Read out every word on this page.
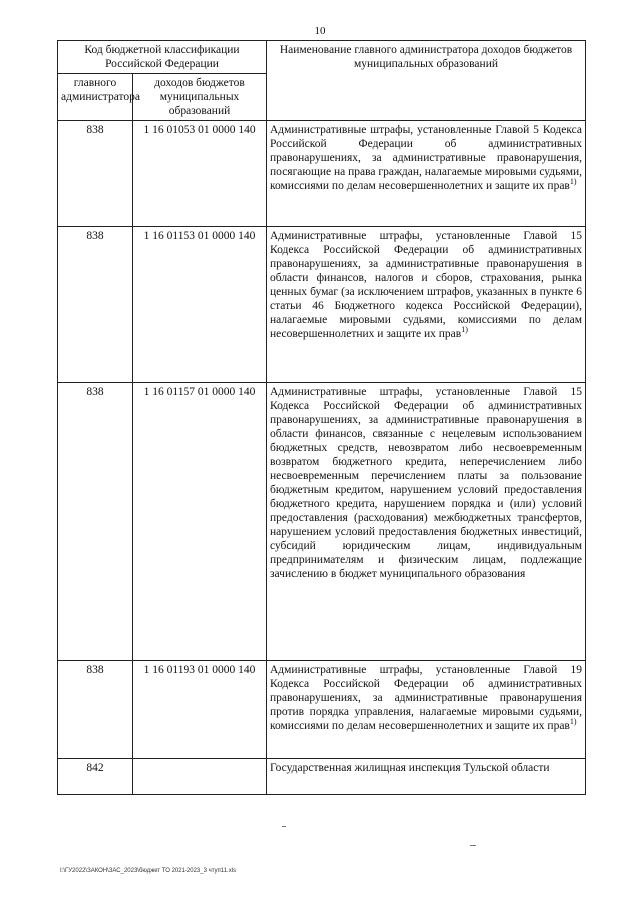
10
Код бюджетной классификации Российской Федерации		Наименование главного администратора доходов бюджетов муниципальных образований
главного администратора	доходов бюджетов муниципальных образований	
838	1 16 01053 01 0000 140	Административные штрафы, установленные Главой 5 Кодекса Российской Федерации об административных правонарушениях, за административные правонарушения, посягающие на права граждан, налагаемые мировыми судьями, комиссиями по делам несовершеннолетних и защите их прав$^{1)}$
838	1 16 01153 01 0000 140	Административные штрафы, установленные Главой 15 Кодекса Российской Федерации об административных правонарушениях, за административные правонарушения в области финансов, налогов и сборов, страхования, рынка ценных бумаг (за исключением штрафов, указанных в пункте 6 статьи 46 Бюджетного кодекса Российской Федерации), налагаемые мировыми судьями, комиссиями по делам несовершеннолетних и защите их прав$^{1)}$
838	1 16 01157 01 0000 140	Административные штрафы, установленные Главой 15 Кодекса Российской Федерации об административных правонарушениях, за административные правонарушения в области финансов, связанные с нецелевым использованием бюджетных средств, невозвратом либо несвоевременным возвратом бюджетного кредита, неперечислением либо несвоевременным перечислением платы за пользование бюджетным кредитом, нарушением условий предоставления бюджетного кредита, нарушением порядка и (или) условий предоставления (расходования) межбюджетных трансфертов, нарушением условий предоставления бюджетных инвестиций, субсидий юридическим лицам, индивидуальным предпринимателям и физическим лицам, подлежащие зачислению в бюджет муниципального образования
838	1 16 01193 01 0000 140	Административные штрафы, установленные Главой 19 Кодекса Российской Федерации об административных правонарушениях, за административные правонарушения против порядка управления, налагаемые мировыми судьями, комиссиями по делам несовершеннолетних и защите их прав$^{1)}$
842		Государственная жилищная инспекция Тульской области
I:\ГУ2022\ЗАКОН\ЗАС_2023\бюджет ТО 2021-2023_3 чтуп11.xls
